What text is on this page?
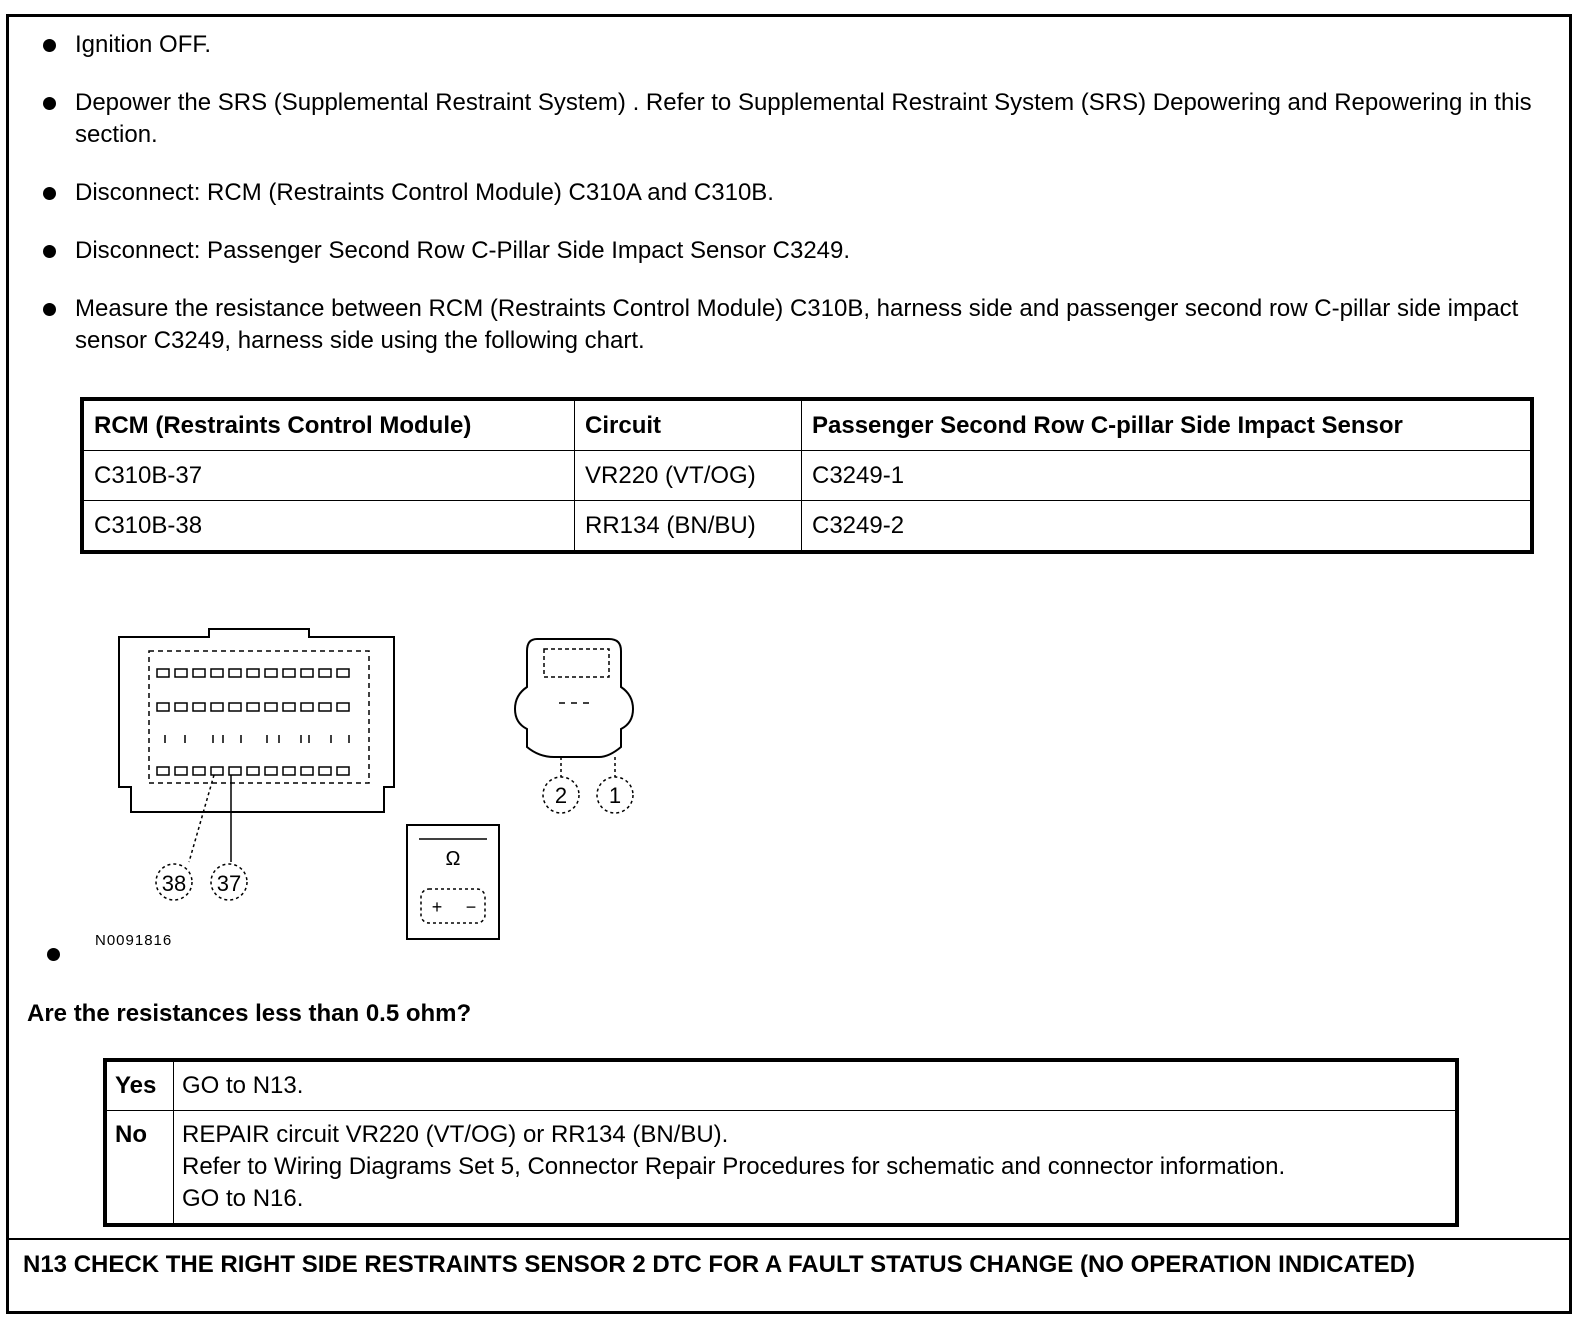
Ignition OFF.
Depower the SRS (Supplemental Restraint System) . Refer to Supplemental Restraint System (SRS) Depowering and Repowering in this section.
Disconnect: RCM (Restraints Control Module) C310A and C310B.
Disconnect: Passenger Second Row C-Pillar Side Impact Sensor C3249.
Measure the resistance between RCM (Restraints Control Module) C310B, harness side and passenger second row C-pillar side impact sensor C3249, harness side using the following chart.
RCM (Restraints Control Module)	Circuit	Passenger Second Row C-pillar Side Impact Sensor
C310B-37	VR220 (VT/OG)	C3249-1
C310B-38	RR134 (BN/BU)	C3249-2
38 37
2 1
Ω
+ −
N0091816
Are the resistances less than 0.5 ohm?
Yes	GO to N13.

No	REPAIR circuit VR220 (VT/OG) or RR134 (BN/BU).
Refer to Wiring Diagrams Set 5, Connector Repair Procedures for schematic and connector information.
GO to N16.
N13 CHECK THE RIGHT SIDE RESTRAINTS SENSOR 2 DTC FOR A FAULT STATUS CHANGE (NO OPERATION INDICATED)
